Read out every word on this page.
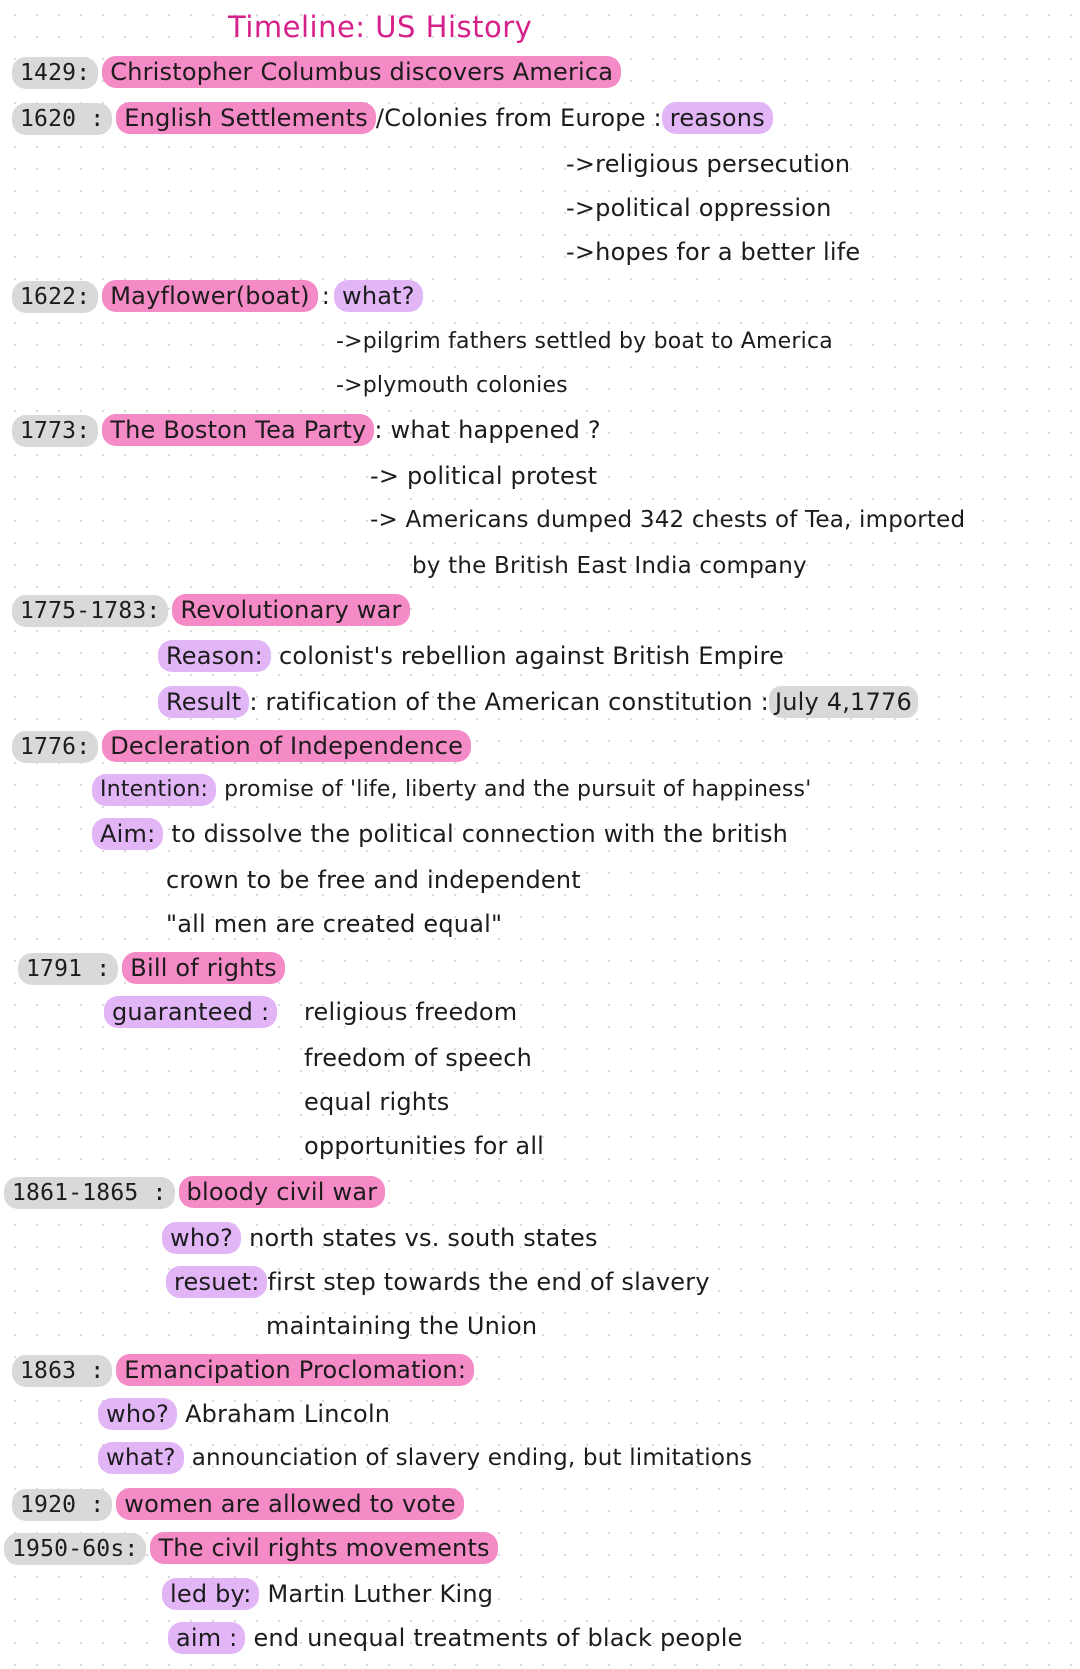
Timeline: US History
1429: Christopher Columbus discovers America
1620 : English Settlements /Colonies from Europe : reasons
->religious persecution
->political oppression
->hopes for a better life
1622: Mayflower(boat) : what?
->pilgrim fathers settled by boat to America
->plymouth colonies
1773: The Boston Tea Party : what happened ?
-> political protest
-> Americans dumped 342 chests of Tea, imported
by the British East India company
1775-1783: Revolutionary war
Reason: colonist's rebellion against British Empire
Result : ratification of the American constitution : July 4,1776
1776: Decleration of Independence
Intention: promise of 'life, liberty and the pursuit of happiness'
Aim: to dissolve the political connection with the british
crown to be free and independent
"all men are created equal"
1791 : Bill of rights
guaranteed :	religious freedom
freedom of speech
equal rights
opportunities for all
1861-1865 : bloody civil war
who? north states vs. south states
resuet: first step towards the end of slavery
maintaining the Union
1863 : Emancipation Proclomation:
who? Abraham Lincoln
what? announciation of slavery ending, but limitations
1920 : women are allowed to vote
1950-60s: The civil rights movements
led by: Martin Luther King
aim : end unequal treatments of black people
